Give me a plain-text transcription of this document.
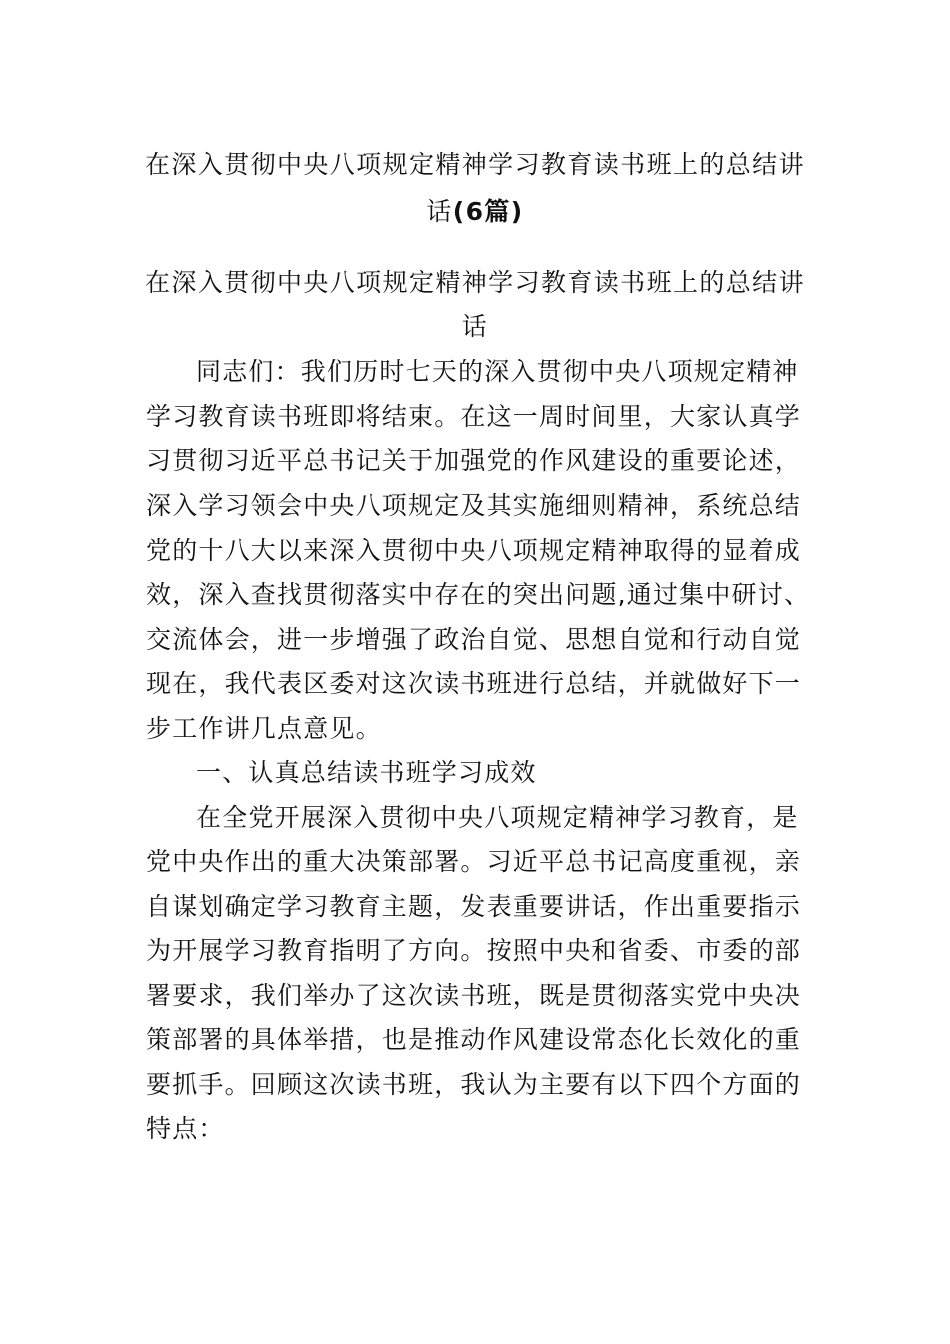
在深入贯彻中央八项规定精神学习教育读书班上的总结讲

话(6篇)

在深入贯彻中央八项规定精神学习教育读书班上的总结讲

话

同志们：我们历时七天的深入贯彻中央八项规定精神

学习教育读书班即将结束。在这一周时间里，大家认真学

习贯彻习近平总书记关于加强党的作风建设的重要论述，

深入学习领会中央八项规定及其实施细则精神，系统总结

党的十八大以来深入贯彻中央八项规定精神取得的显着成

效，深入查找贯彻落实中存在的突出问题,通过集中研讨、

交流体会，进一步增强了政治自觉、思想自觉和行动自觉

现在，我代表区委对这次读书班进行总结，并就做好下一

步工作讲几点意见。

一、认真总结读书班学习成效

在全党开展深入贯彻中央八项规定精神学习教育，是

党中央作出的重大决策部署。习近平总书记高度重视，亲

自谋划确定学习教育主题，发表重要讲话，作出重要指示

为开展学习教育指明了方向。按照中央和省委、市委的部

署要求，我们举办了这次读书班，既是贯彻落实党中央决

策部署的具体举措，也是推动作风建设常态化长效化的重

要抓手。回顾这次读书班，我认为主要有以下四个方面的

特点：
